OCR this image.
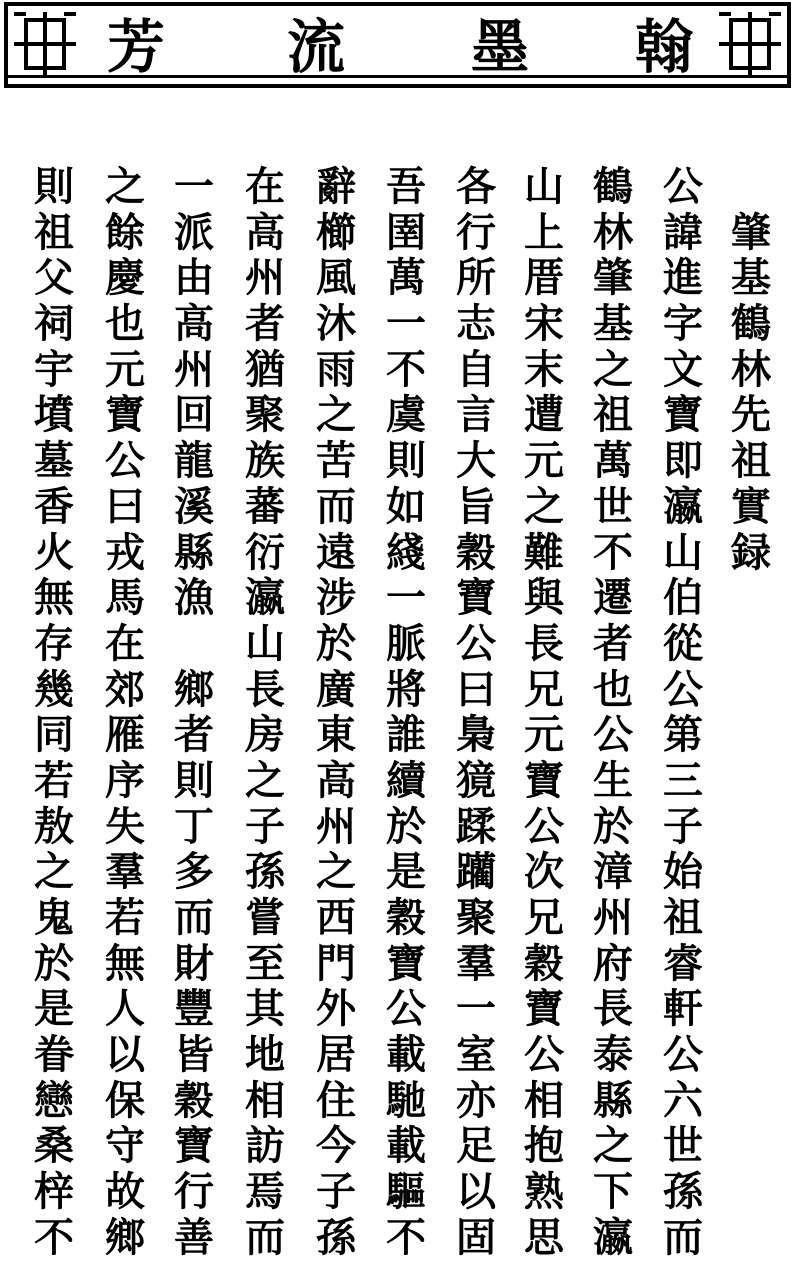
芳 流 墨 翰

肇
基
鶴
林
先
祖
實
録
公
諱
進
字
文
寶
即
瀛
山
伯
從
公
第
三
子
始
祖
睿
軒
公
六
世
孫
而
鶴
林
肇
基
之
祖
萬
世
不
遷
者
也
公
生
於
漳
州
府
長
泰
縣
之
下
瀛
山
上
厝
宋
末
遭
元
之
難
與
長
兄
元
寶
公
次
兄
穀
寶
公
相
抱
熟
思
各
行
所
志
自
言
大
旨
穀
寶
公
曰
梟
獍
蹂
躪
聚
羣
一
室
亦
足
以
固
吾
圉
萬
一
不
虞
則
如
綫
一
脈
將
誰
續
於
是
穀
寶
公
載
馳
載
驅
不
辭
櫛
風
沐
雨
之
苦
而
遠
涉
於
廣
東
高
州
之
西
門
外
居
住
今
子
孫
在
高
州
者
猶
聚
族
蕃
衍
瀛
山
長
房
之
子
孫
嘗
至
其
地
相
訪
焉
而
一
派
由
高
州
回
龍
溪
縣
漁

鄉
者
則
丁
多
而
財
豐
皆
穀
寶
行
善
之
餘
慶
也
元
寶
公
曰
戎
馬
在
郊
雁
序
失
羣
若
無
人
以
保
守
故
鄉
則
祖
父
祠
宇
墳
墓
香
火
無
存
幾
同
若
敖
之
鬼
於
是
眷
戀
桑
梓
不
